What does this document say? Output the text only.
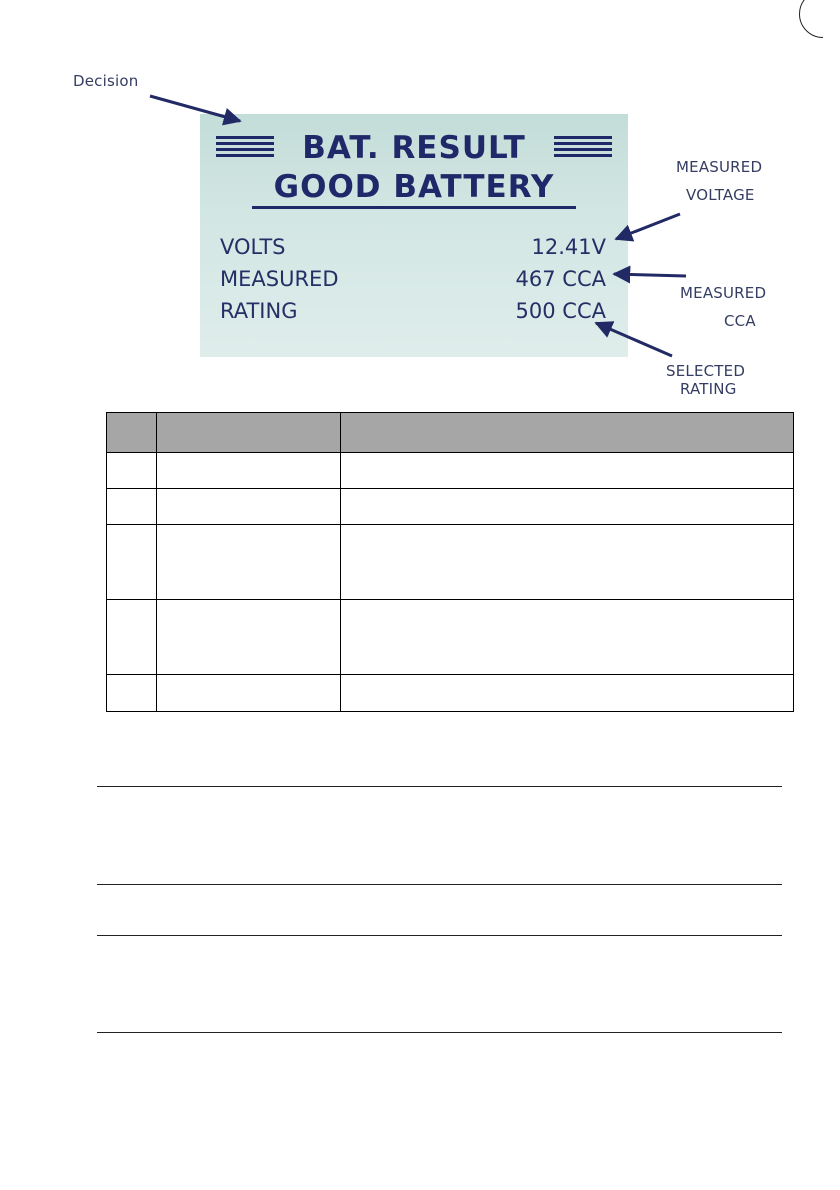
Decision
MEASURED
VOLTAGE
MEASURED
CCA
SELECTED
RATING
BAT. RESULT
GOOD BATTERY
VOLTS	12.41V
MEASURED	467 CCA
RATING	500 CCA
